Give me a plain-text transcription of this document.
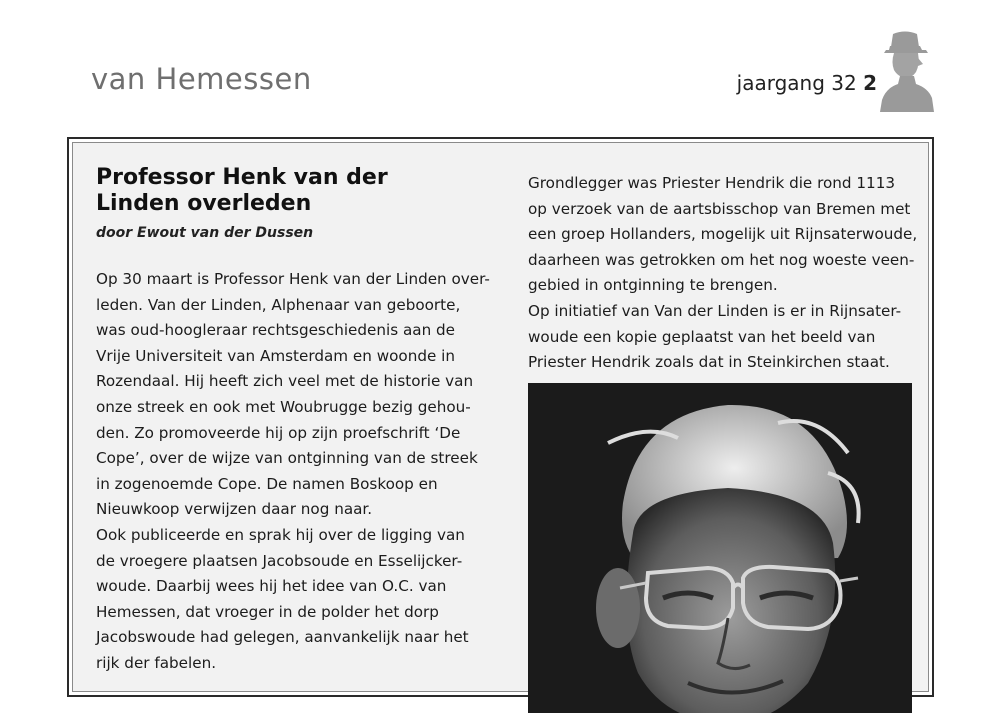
van Hemessen	jaargang 32 2
Professor Henk van der Linden overleden
door Ewout van der Dussen
Op 30 maart is Professor Henk van der Linden over-
leden. Van der Linden, Alphenaar van geboorte,
was oud-hoogleraar rechtsgeschiedenis aan de
Vrije Universiteit van Amsterdam en woonde in
Rozendaal. Hij heeft zich veel met de historie van
onze streek en ook met Woubrugge bezig gehou-
den. Zo promoveerde hij op zijn proefschrift ‘De
Cope’, over de wijze van ontginning van de streek
in zogenoemde Cope. De namen Boskoop en
Nieuwkoop verwijzen daar nog naar.
Ook publiceerde en sprak hij over de ligging van
de vroegere plaatsen Jacobsoude en Esselijcker-
woude. Daarbij wees hij het idee van O.C. van
Hemessen, dat vroeger in de polder het dorp
Jacobswoude had gelegen, aanvankelijk naar het
rijk der fabelen.
Grondlegger was Priester Hendrik die rond 1113
op verzoek van de aartsbisschop van Bremen met
een groep Hollanders, mogelijk uit Rijnsaterwoude,
daarheen was getrokken om het nog woeste veen-
gebied in ontginning te brengen.
Op initiatief van Van der Linden is er in Rijnsater-
woude een kopie geplaatst van het beeld van
Priester Hendrik zoals dat in Steinkirchen staat.
